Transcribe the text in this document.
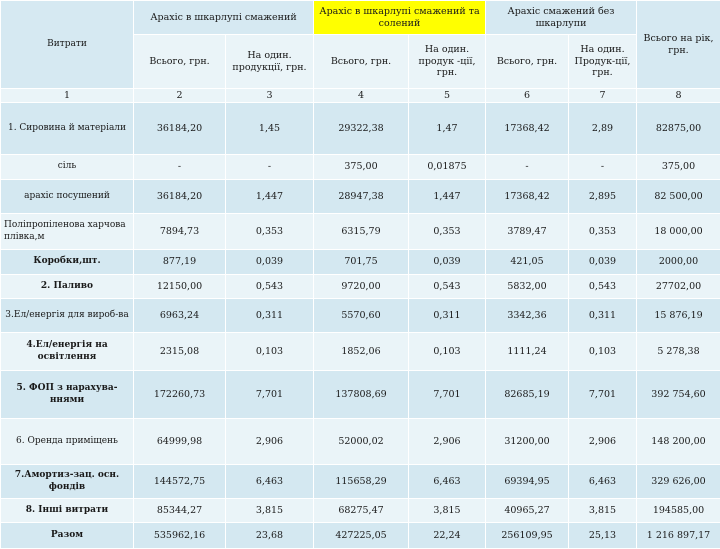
Витрати	Арахіс в шкарлупі смажений		Арахіс в шкарлупі смажений та солений		Арахіс смажений без шкарлупи		Всього на рік, грн.
	Всього, грн.	На один. продукції, грн.	Всього, грн.	На один. продук -ції, грн.	Всього, грн.	На один. Продук-ції, грн.	
1	2	3	4	5	6	7	8
1. Сировина й матеріали	36184,20	1,45	29322,38	1,47	17368,42	2,89	82875,00
сіль	-	-	375,00	0,01875	-	-	375,00
арахіс посушений	36184,20	1,447	28947,38	1,447	17368,42	2,895	82 500,00
Поліпропіленова харчова плівка,м	7894,73	0,353	6315,79	0,353	3789,47	0,353	18 000,00
Коробки,шт.	877,19	0,039	701,75	0,039	421,05	0,039	2000,00
2. Паливо	12150,00	0,543	9720,00	0,543	5832,00	0,543	27702,00
3.Ел/енергія для вироб-ва	6963,24	0,311	5570,60	0,311	3342,36	0,311	15 876,19
4.Ел/енергія на освітлення	2315,08	0,103	1852,06	0,103	1111,24	0,103	5 278,38
5. ФОП з нарахува-ннями	172260,73	7,701	137808,69	7,701	82685,19	7,701	392 754,60
6. Оренда приміщень	64999,98	2,906	52000,02	2,906	31200,00	2,906	148 200,00
7.Амортиз-зац. осн. фондів	144572,75	6,463	115658,29	6,463	69394,95	6,463	329 626,00
8. Інші витрати	85344,27	3,815	68275,47	3,815	40965,27	3,815	194585,00
Разом	535962,16	23,68	427225,05	22,24	256109,95	25,13	1 216 897,17
